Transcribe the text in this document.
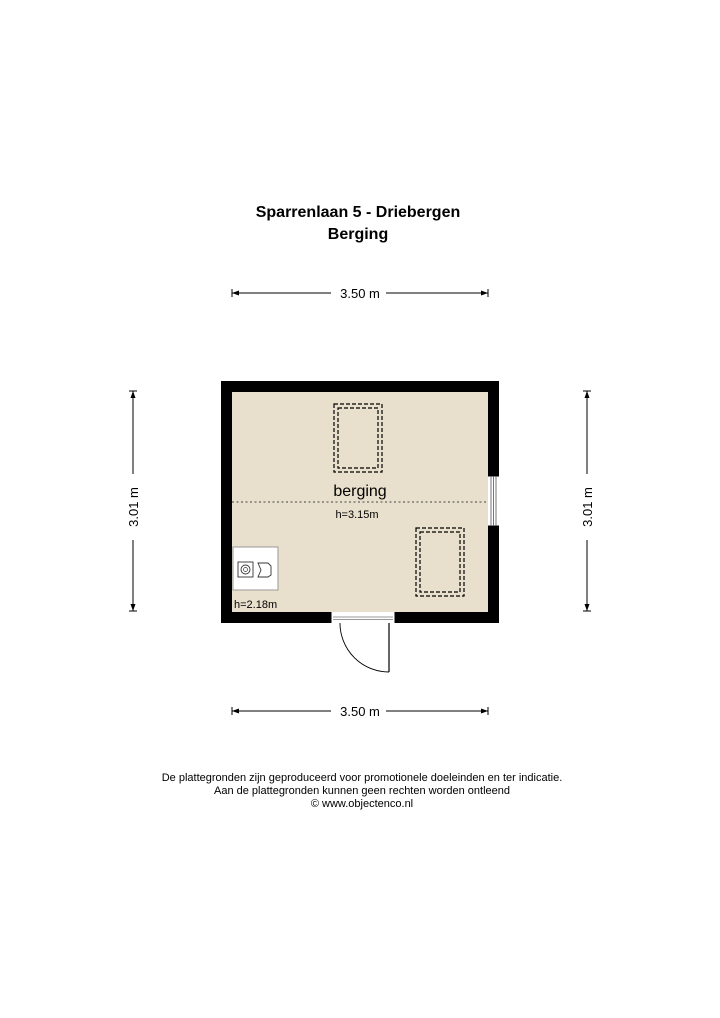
Sparrenlaan 5 - Driebergen
Berging
3.50 m
3.50 m
3.01 m	3.01 m
berging
h=3.15m
h=2.18m
De plattegronden zijn geproduceerd voor promotionele doeleinden en ter indicatie.
Aan de plattegronden kunnen geen rechten worden ontleend
© www.objectenco.nl
